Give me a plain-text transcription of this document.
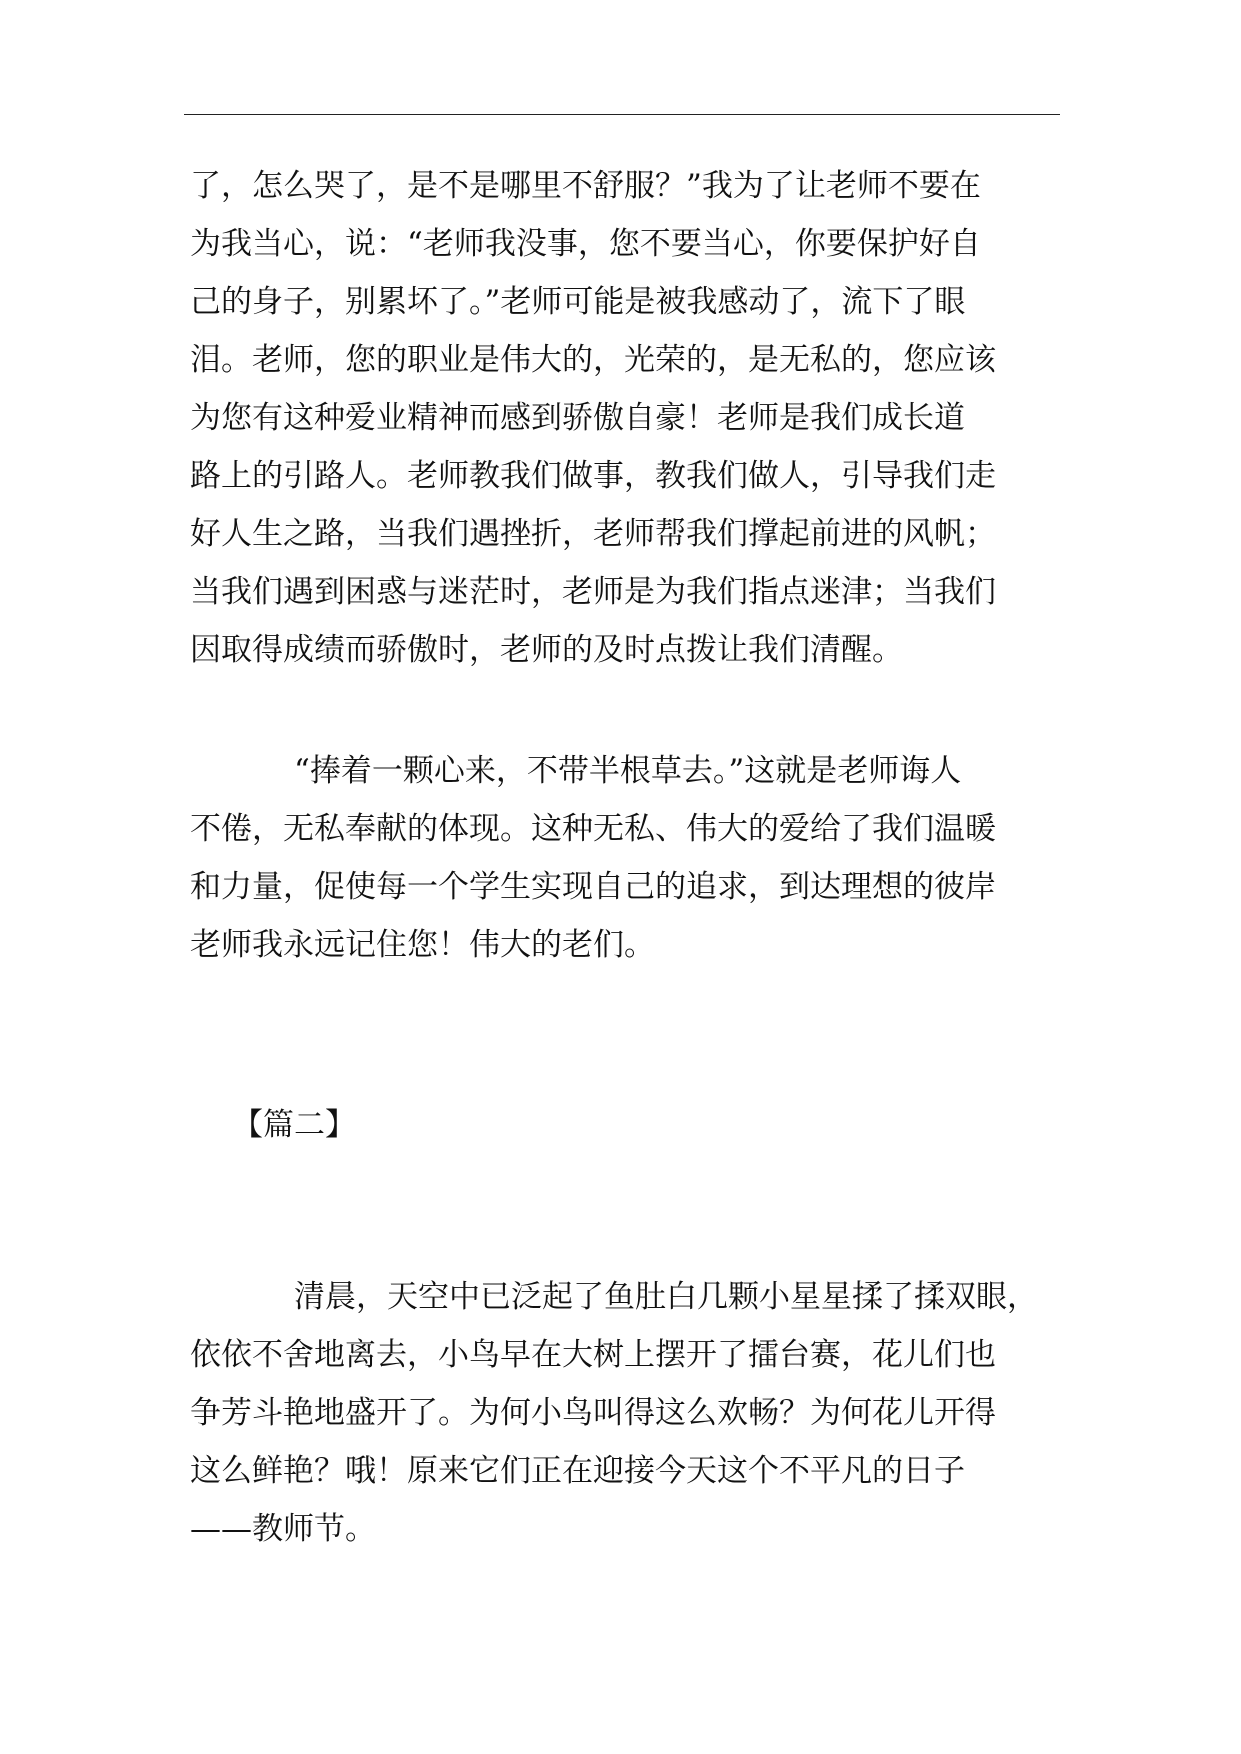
了，怎么哭了，是不是哪里不舒服？”我为了让老师不要在
为我当心，说：“老师我没事，您不要当心，你要保护好自
己的身子，别累坏了。”老师可能是被我感动了，流下了眼
泪。老师，您的职业是伟大的，光荣的，是无私的，您应该
为您有这种爱业精神而感到骄傲自豪！老师是我们成长道
路上的引路人。老师教我们做事，教我们做人，引导我们走
好人生之路，当我们遇挫折，老师帮我们撑起前进的风帆；
当我们遇到困惑与迷茫时，老师是为我们指点迷津；当我们
因取得成绩而骄傲时，老师的及时点拨让我们清醒。
“捧着一颗心来，不带半根草去。”这就是老师诲人
不倦，无私奉献的体现。这种无私、伟大的爱给了我们温暖
和力量，促使每一个学生实现自己的追求，到达理想的彼岸
老师我永远记住您！伟大的老们。
【篇二】
清晨，天空中已泛起了鱼肚白几颗小星星揉了揉双眼，
依依不舍地离去，小鸟早在大树上摆开了擂台赛，花儿们也
争芳斗艳地盛开了。为何小鸟叫得这么欢畅？为何花儿开得
这么鲜艳？哦！原来它们正在迎接今天这个不平凡的日子
——教师节。
